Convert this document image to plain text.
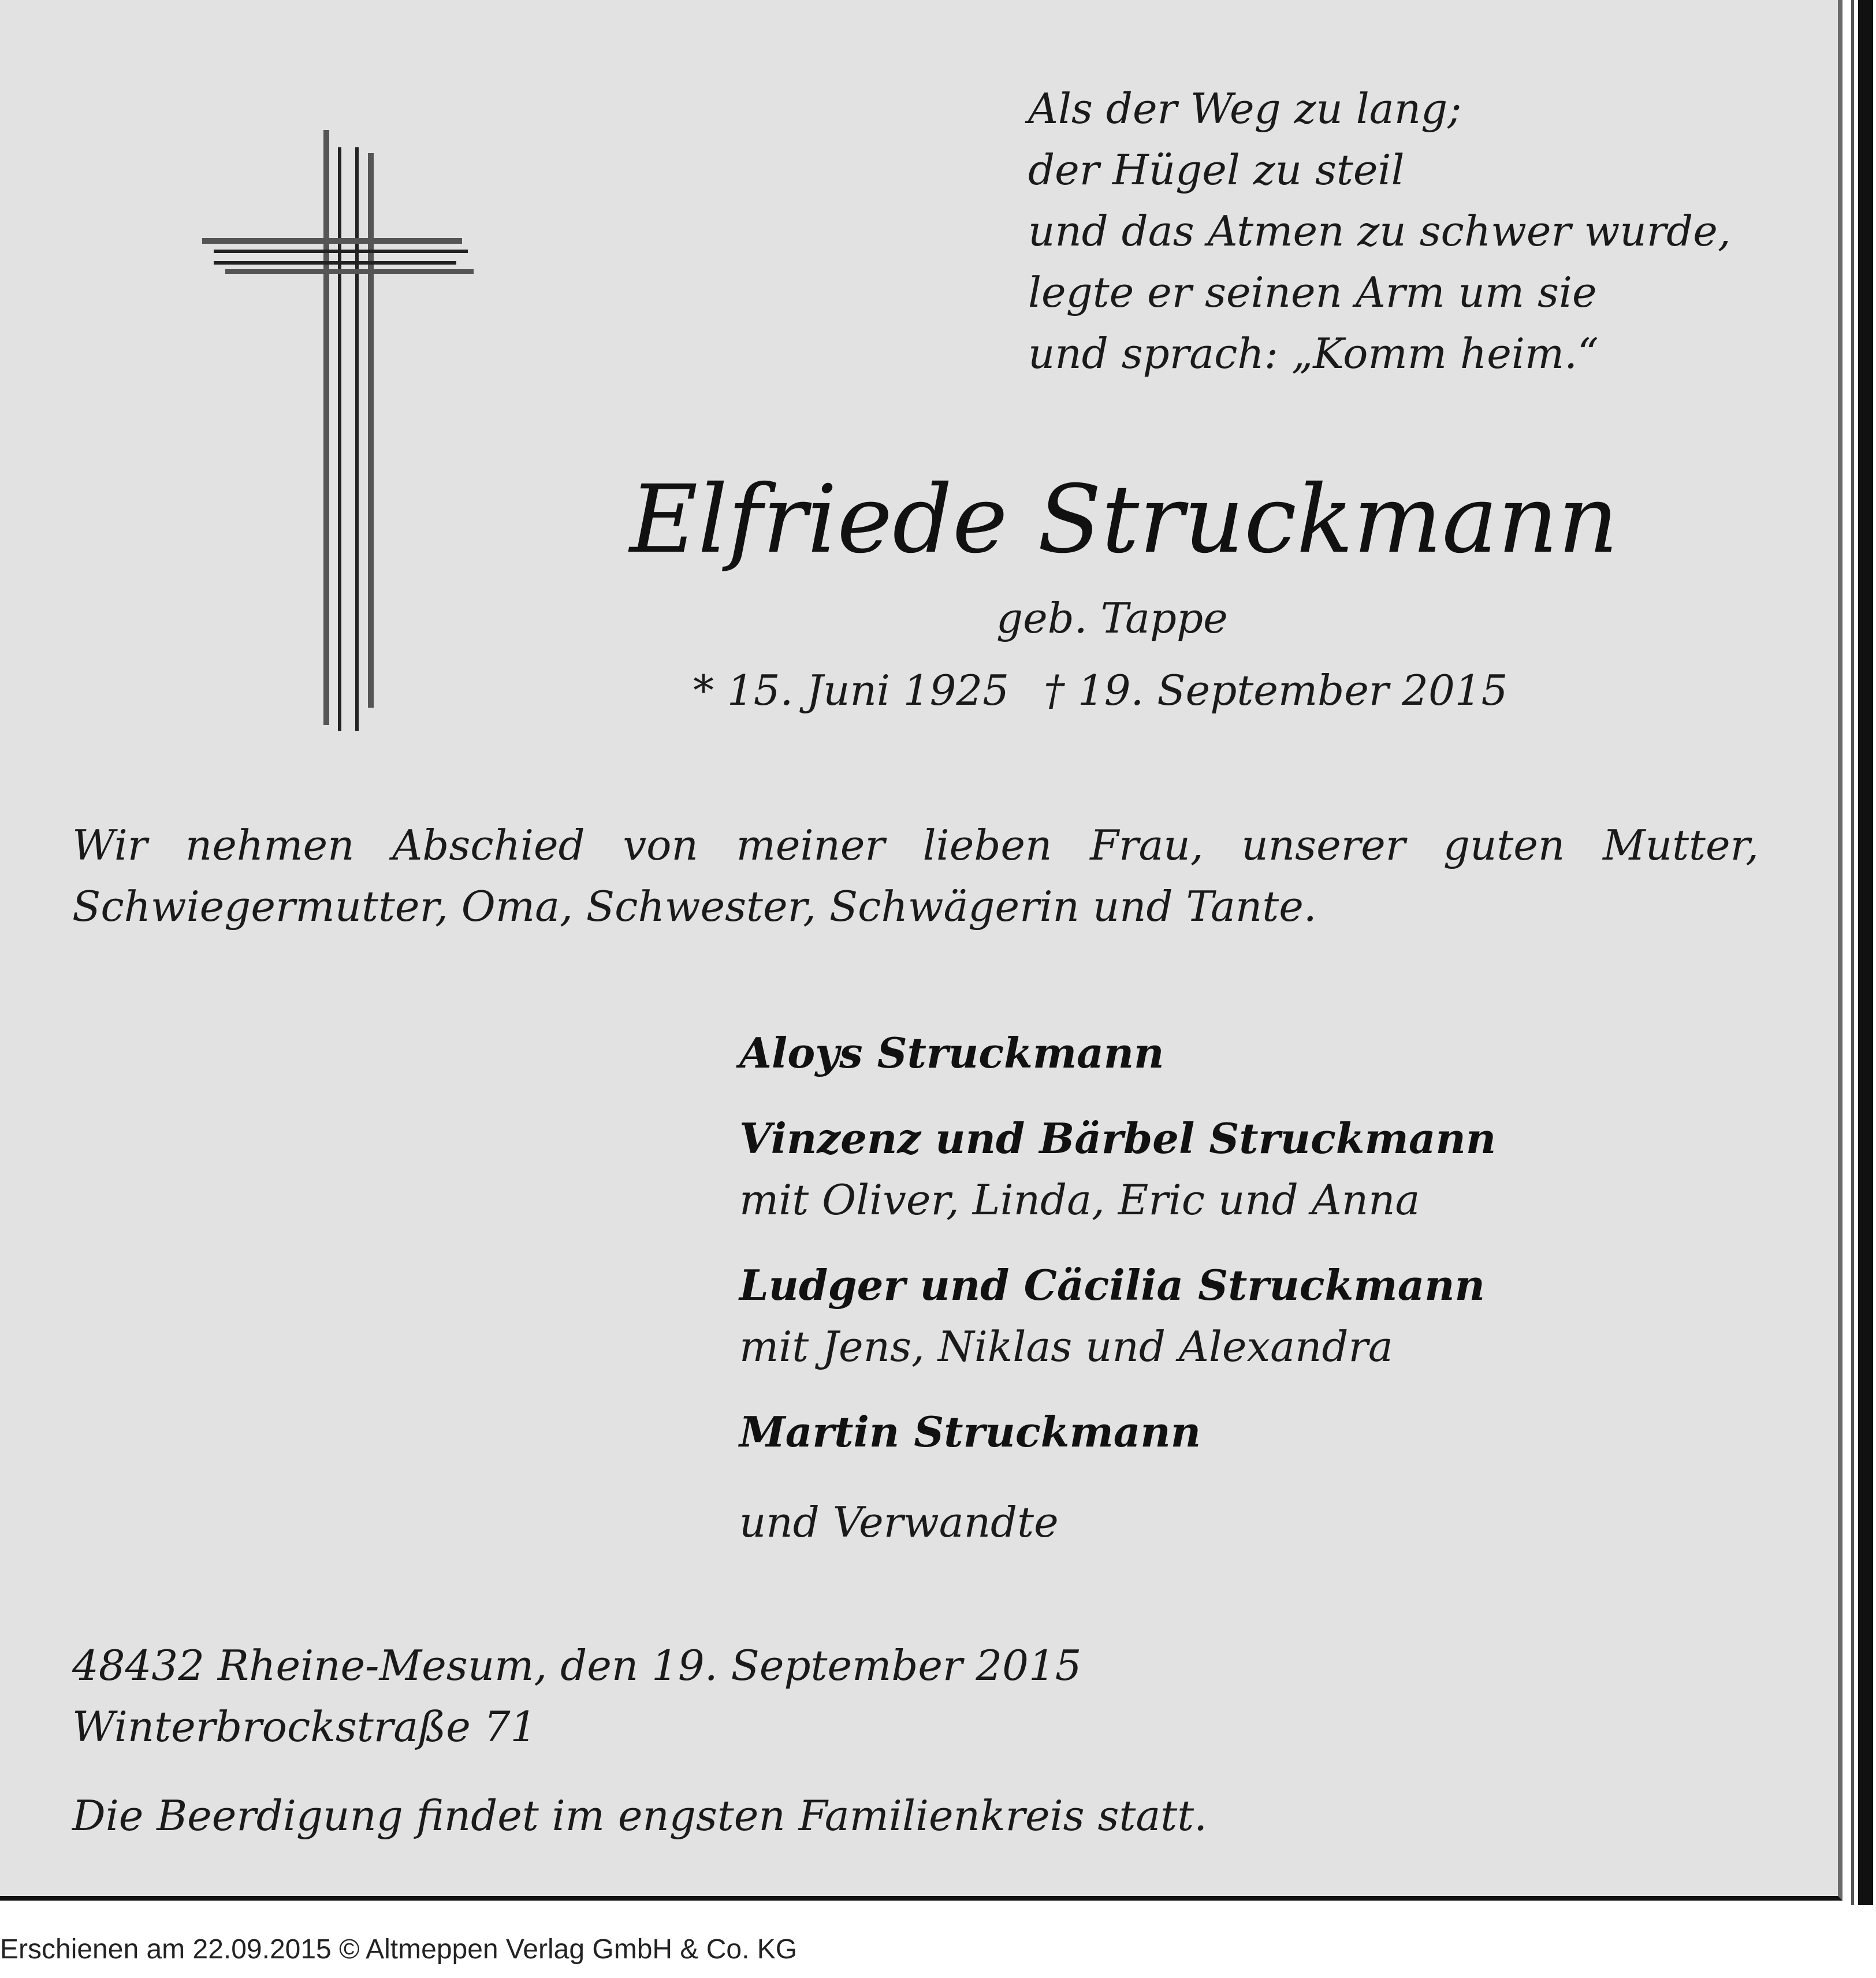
Als der Weg zu lang;
der Hügel zu steil
und das Atmen zu schwer wurde,
legte er seinen Arm um sie
und sprach: „Komm heim.“
Elfriede Struckmann
geb. Tappe
* 15. Juni 1925 † 19. September 2015
Wir nehmen Abschied von meiner lieben Frau, unserer guten Mutter,
Schwiegermutter, Oma, Schwester, Schwägerin und Tante.
Aloys Struckmann
Vinzenz und Bärbel Struckmann
mit Oliver, Linda, Eric und Anna
Ludger und Cäcilia Struckmann
mit Jens, Niklas und Alexandra
Martin Struckmann
und Verwandte
48432 Rheine-Mesum, den 19. September 2015
Winterbrockstraße 71
Die Beerdigung findet im engsten Familienkreis statt.
Erschienen am 22.09.2015 © Altmeppen Verlag GmbH & Co. KG
